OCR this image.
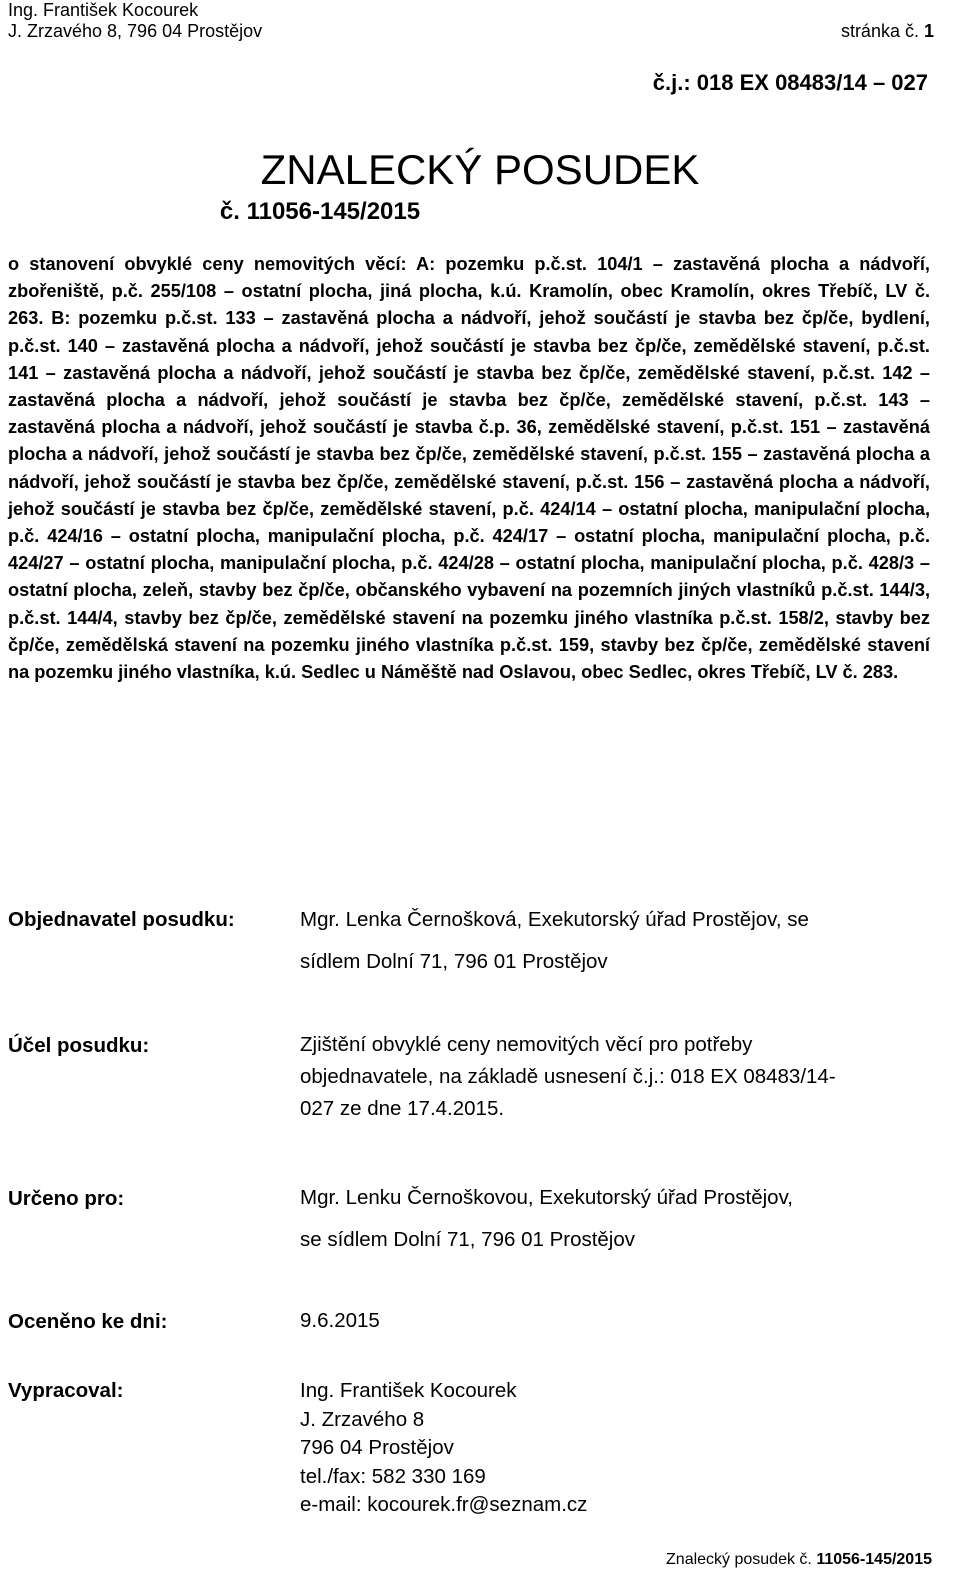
Ing. František Kocourek
J. Zrzavého 8, 796 04 Prostějov	stránka č. 1
č.j.: 018 EX 08483/14 – 027
ZNALECKÝ POSUDEK
č. 11056-145/2015

o stanovení obvyklé ceny nemovitých věcí: A: pozemku p.č.st. 104/1 – zastavěná plocha a nádvoří, zbořeniště, p.č. 255/108 – ostatní plocha, jiná plocha, k.ú. Kramolín, obec Kramolín, okres Třebíč, LV č. 263. B: pozemku p.č.st. 133 – zastavěná plocha a nádvoří, jehož součástí je stavba bez čp/če, bydlení, p.č.st. 140 – zastavěná plocha a nádvoří, jehož součástí je stavba bez čp/če, zemědělské stavení, p.č.st. 141 – zastavěná plocha a nádvoří, jehož součástí je stavba bez čp/če, zemědělské stavení, p.č.st. 142 – zastavěná plocha a nádvoří, jehož součástí je stavba bez čp/če, zemědělské stavení, p.č.st. 143 – zastavěná plocha a nádvoří, jehož součástí je stavba č.p. 36, zemědělské stavení, p.č.st. 151 – zastavěná plocha a nádvoří, jehož součástí je stavba bez čp/če, zemědělské stavení, p.č.st. 155 – zastavěná plocha a nádvoří, jehož součástí je stavba bez čp/če, zemědělské stavení, p.č.st. 156 – zastavěná plocha a nádvoří, jehož součástí je stavba bez čp/če, zemědělské stavení, p.č. 424/14 – ostatní plocha, manipulační plocha, p.č. 424/16 – ostatní plocha, manipulační plocha, p.č. 424/17 – ostatní plocha, manipulační plocha, p.č. 424/27 – ostatní plocha, manipulační plocha, p.č. 424/28 – ostatní plocha, manipulační plocha, p.č. 428/3 – ostatní plocha, zeleň, stavby bez čp/če, občanského vybavení na pozemních jiných vlastníků p.č.st. 144/3, p.č.st. 144/4, stavby bez čp/če, zemědělské stavení na pozemku jiného vlastníka p.č.st. 158/2, stavby bez čp/če, zemědělská stavení na pozemku jiného vlastníka p.č.st. 159, stavby bez čp/če, zemědělské stavení na pozemku jiného vlastníka, k.ú. Sedlec u Náměště nad Oslavou, obec Sedlec, okres Třebíč, LV č. 283.

Objednavatel posudku:	Mgr. Lenka Černošková, Exekutorský úřad Prostějov, se
sídlem Dolní 71, 796 01 Prostějov
Účel posudku:	Zjištění obvyklé ceny nemovitých věcí pro potřeby
objednavatele, na základě usnesení č.j.: 018 EX 08483/14-
027 ze dne 17.4.2015.
Určeno pro:	Mgr. Lenku Černoškovou, Exekutorský úřad Prostějov,
se sídlem Dolní 71, 796 01 Prostějov
Oceněno ke dni:	9.6.2015
Vypracoval:	Ing. František Kocourek
J. Zrzavého 8
796 04 Prostějov
tel./fax: 582 330 169
e-mail: kocourek.fr@seznam.cz
Znalecký posudek č. 11056-145/2015
